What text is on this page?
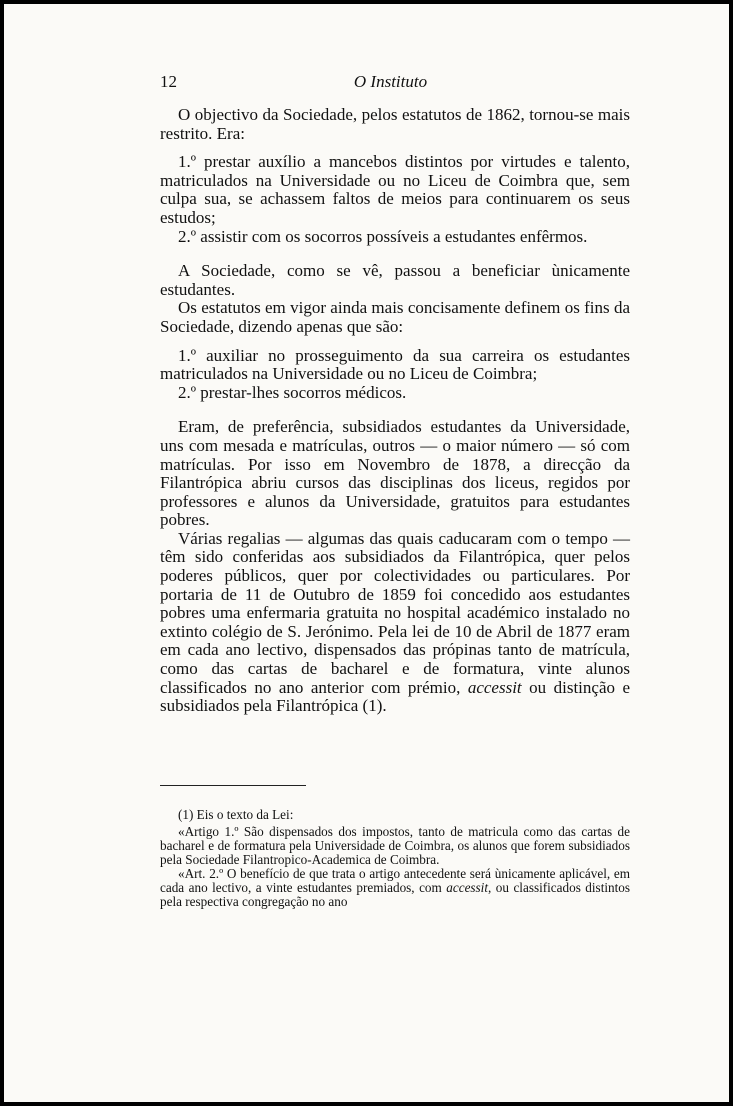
12	O Instituto

O objectivo da Sociedade, pelos estatutos de 1862, tornou-se mais restrito. Era:

1.º prestar auxílio a mancebos distintos por virtudes e talento, matriculados na Universidade ou no Liceu de Coimbra que, sem culpa sua, se achassem faltos de meios para continuarem os seus estudos;

2.º assistir com os socorros possíveis a estudantes enfêrmos.

A Sociedade, como se vê, passou a beneficiar ùnicamente estudantes.

Os estatutos em vigor ainda mais concisamente definem os fins da Sociedade, dizendo apenas que são:

1.º auxiliar no prosseguimento da sua carreira os estudantes matriculados na Universidade ou no Liceu de Coimbra;

2.º prestar-lhes socorros médicos.

Eram, de preferência, subsidiados estudantes da Universidade, uns com mesada e matrículas, outros — o maior número — só com matrículas. Por isso em Novembro de 1878, a direcção da Filantrópica abriu cursos das disciplinas dos liceus, regidos por professores e alunos da Universidade, gratuitos para estudantes pobres.

Várias regalias — algumas das quais caducaram com o tempo — têm sido conferidas aos subsidiados da Filantrópica, quer pelos poderes públicos, quer por colectividades ou particulares. Por portaria de 11 de Outubro de 1859 foi concedido aos estudantes pobres uma enfermaria gratuita no hospital académico instalado no extinto colégio de S. Jerónimo. Pela lei de 10 de Abril de 1877 eram em cada ano lectivo, dispensados das própinas tanto de matrícula, como das cartas de bacharel e de formatura, vinte alunos classificados no ano anterior com prémio, accessit ou distinção e subsidiados pela Filantrópica (1).

(1) Eis o texto da Lei:

«Artigo 1.º São dispensados dos impostos, tanto de matricula como das cartas de bacharel e de formatura pela Universidade de Coimbra, os alunos que forem subsidiados pela Sociedade Filantropico-Academica de Coimbra.

«Art. 2.º O benefício de que trata o artigo antecedente será ùnicamente aplicável, em cada ano lectivo, a vinte estudantes premiados, com accessit, ou classificados distintos pela respectiva congregação no ano
